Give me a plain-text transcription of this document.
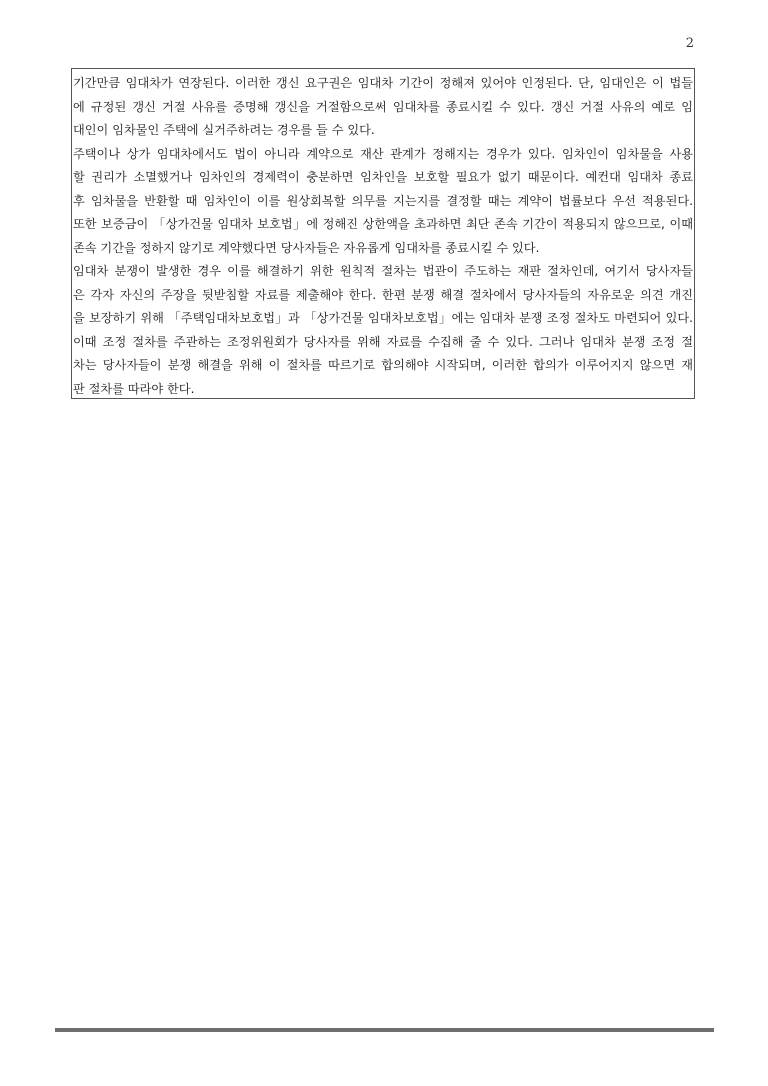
2
기간만큼 임대차가 연장된다. 이러한 갱신 요구권은 임대차 기간이 정해져 있어야 인정된다. 단, 임대인은 이 법들
에 규정된 갱신 거절 사유를 증명해 갱신을 거절함으로써 임대차를 종료시킬 수 있다. 갱신 거절 사유의 예로 임
대인이 임차물인 주택에 실거주하려는 경우를 들 수 있다.
주택이나 상가 임대차에서도 법이 아니라 계약으로 재산 관계가 정해지는 경우가 있다. 임차인이 임차물을 사용
할 권리가 소멸했거나 임차인의 경제력이 충분하면 임차인을 보호할 필요가 없기 때문이다. 예컨대 임대차 종료
후 임차물을 반환할 때 임차인이 이를 원상회복할 의무를 지는지를 결정할 때는 계약이 법률보다 우선 적용된다.
또한 보증금이 「상가건물 임대차 보호법」에 정해진 상한액을 초과하면 최단 존속 기간이 적용되지 않으므로, 이때
존속 기간을 정하지 않기로 계약했다면 당사자들은 자유롭게 임대차를 종료시킬 수 있다.
임대차 분쟁이 발생한 경우 이를 해결하기 위한 원칙적 절차는 법관이 주도하는 재판 절차인데, 여기서 당사자들
은 각자 자신의 주장을 뒷받침할 자료를 제출해야 한다. 한편 분쟁 해결 절차에서 당사자들의 자유로운 의견 개진
을 보장하기 위해 「주택임대차보호법」과 「상가건물 임대차보호법」에는 임대차 분쟁 조정 절차도 마련되어 있다.
이때 조정 절차를 주관하는 조정위원회가 당사자를 위해 자료를 수집해 줄 수 있다. 그러나 임대차 분쟁 조정 절
차는 당사자들이 분쟁 해결을 위해 이 절차를 따르기로 합의해야 시작되며, 이러한 합의가 이루어지지 않으면 재
판 절차를 따라야 한다.
